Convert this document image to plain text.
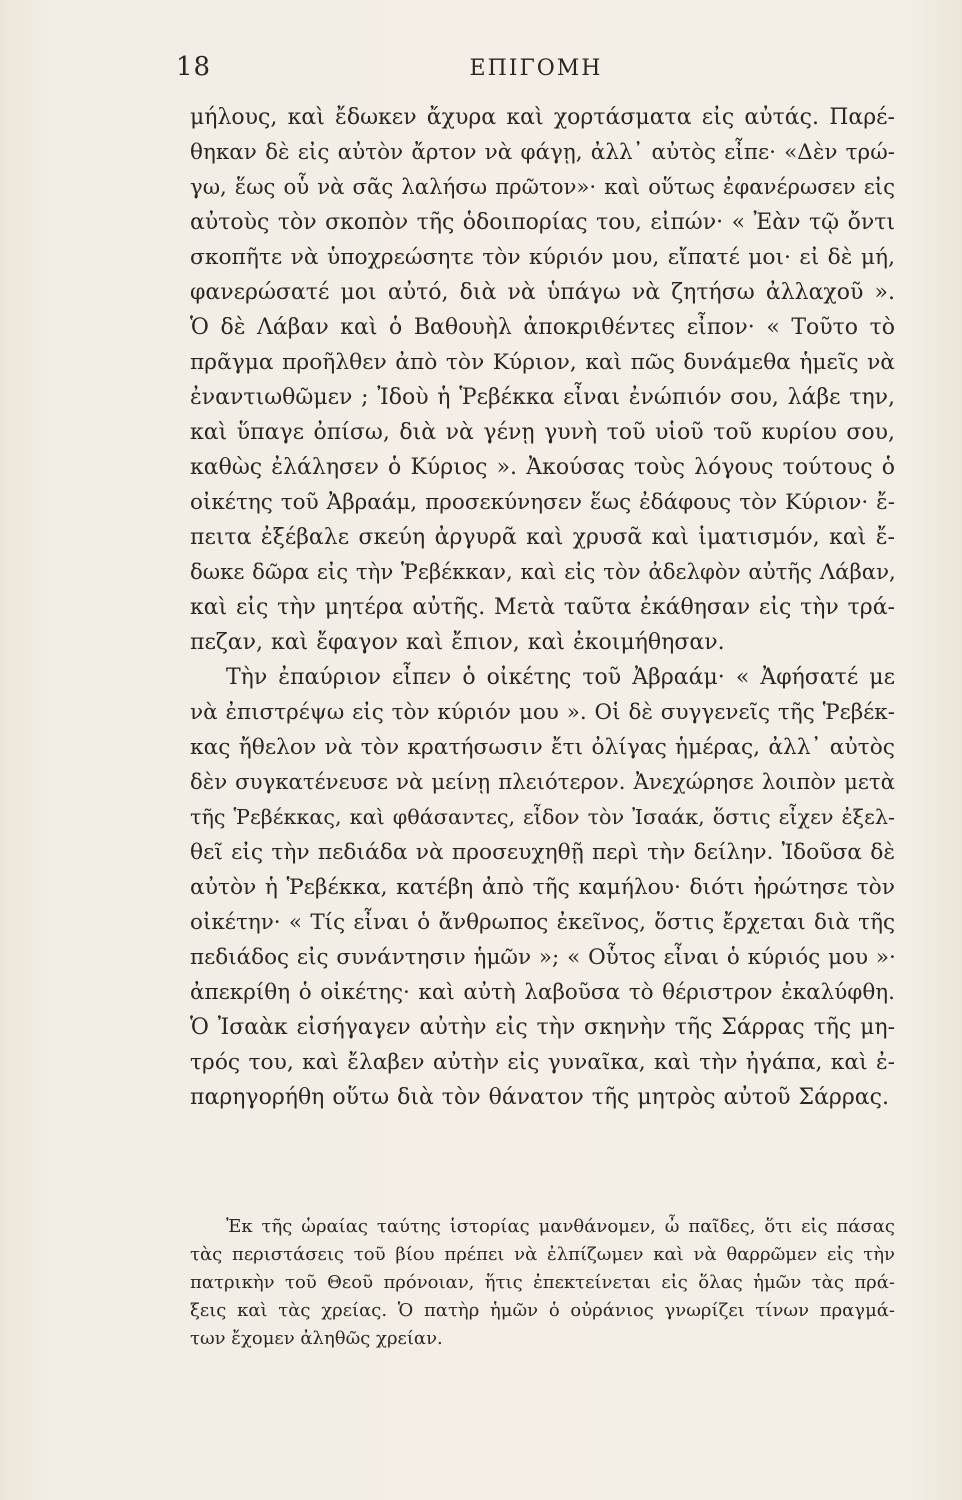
18	ΕΠΙΓΟΜΗ
μήλους, καὶ ἔδωκεν ἄχυρα καὶ χορτάσματα εἰς αὐτάς. Παρέ-
θηκαν δὲ εἰς αὐτὸν ἄρτον νὰ φάγῃ, ἀλλ᾽ αὐτὸς εἶπε· «Δὲν τρώ-
γω, ἕως οὗ νὰ σᾶς λαλήσω πρῶτον»· καὶ οὕτως ἐφανέρωσεν εἰς
αὐτοὺς τὸν σκοπὸν τῆς ὁδοιπορίας του, εἰπών· « Ἐὰν τῷ ὄντι
σκοπῆτε νὰ ὑποχρεώσητε τὸν κύριόν μου, εἴπατέ μοι· εἰ δὲ μή,
φανερώσατέ μοι αὐτό, διὰ νὰ ὑπάγω νὰ ζητήσω ἀλλαχοῦ ».
Ὁ δὲ Λάβαν καὶ ὁ Βαθουὴλ ἀποκριθέντες εἶπον· « Τοῦτο τὸ
πρᾶγμα προῆλθεν ἀπὸ τὸν Κύριον, καὶ πῶς δυνάμεθα ἡμεῖς νὰ
ἐναντιωθῶμεν ; Ἰδοὺ ἡ Ῥεβέκκα εἶναι ἐνώπιόν σου, λάβε την,
καὶ ὕπαγε ὀπίσω, διὰ νὰ γένῃ γυνὴ τοῦ υἱοῦ τοῦ κυρίου σου,
καθὼς ἐλάλησεν ὁ Κύριος ». Ἀκούσας τοὺς λόγους τούτους ὁ
οἰκέτης τοῦ Ἀβραάμ, προσεκύνησεν ἕως ἐδάφους τὸν Κύριον· ἔ-
πειτα ἐξέβαλε σκεύη ἀργυρᾶ καὶ χρυσᾶ καὶ ἱματισμόν, καὶ ἔ-
δωκε δῶρα εἰς τὴν Ῥεβέκκαν, καὶ εἰς τὸν ἀδελφὸν αὐτῆς Λάβαν,
καὶ εἰς τὴν μητέρα αὐτῆς. Μετὰ ταῦτα ἐκάθησαν εἰς τὴν τρά-
πεζαν, καὶ ἔφαγον καὶ ἔπιον, καὶ ἐκοιμήθησαν.
Τὴν ἐπαύριον εἶπεν ὁ οἰκέτης τοῦ Ἀβραάμ· « Ἀφήσατέ με
νὰ ἐπιστρέψω εἰς τὸν κύριόν μου ». Οἱ δὲ συγγενεῖς τῆς Ῥεβέκ-
κας ἤθελον νὰ τὸν κρατήσωσιν ἔτι ὀλίγας ἡμέρας, ἀλλ᾽ αὐτὸς
δὲν συγκατένευσε νὰ μείνῃ πλειότερον. Ἀνεχώρησε λοιπὸν μετὰ
τῆς Ῥεβέκκας, καὶ φθάσαντες, εἶδον τὸν Ἰσαάκ, ὅστις εἶχεν ἐξελ-
θεῖ εἰς τὴν πεδιάδα νὰ προσευχηθῇ περὶ τὴν δείλην. Ἰδοῦσα δὲ
αὐτὸν ἡ Ῥεβέκκα, κατέβη ἀπὸ τῆς καμήλου· διότι ἠρώτησε τὸν
οἰκέτην· « Τίς εἶναι ὁ ἄνθρωπος ἐκεῖνος, ὅστις ἔρχεται διὰ τῆς
πεδιάδος εἰς συνάντησιν ἡμῶν »; « Οὗτος εἶναι ὁ κύριός μου »·
ἀπεκρίθη ὁ οἰκέτης· καὶ αὐτὴ λαβοῦσα τὸ θέριστρον ἐκαλύφθη.
Ὁ Ἰσαὰκ εἰσήγαγεν αὐτὴν εἰς τὴν σκηνὴν τῆς Σάρρας τῆς μη-
τρός του, καὶ ἔλαβεν αὐτὴν εἰς γυναῖκα, καὶ τὴν ἠγάπα, καὶ ἐ-
παρηγορήθη οὕτω διὰ τὸν θάνατον τῆς μητρὸς αὐτοῦ Σάρρας.
Ἐκ τῆς ὡραίας ταύτης ἱστορίας μανθάνομεν, ὦ παῖδες, ὅτι εἰς πάσας
τὰς περιστάσεις τοῦ βίου πρέπει νὰ ἐλπίζωμεν καὶ νὰ θαρρῶμεν εἰς τὴν
πατρικὴν τοῦ Θεοῦ πρόνοιαν, ἥτις ἐπεκτείνεται εἰς ὅλας ἡμῶν τὰς πρά-
ξεις καὶ τὰς χρείας. Ὁ πατὴρ ἡμῶν ὁ οὐράνιος γνωρίζει τίνων πραγμά-
των ἔχομεν ἀληθῶς χρείαν.
